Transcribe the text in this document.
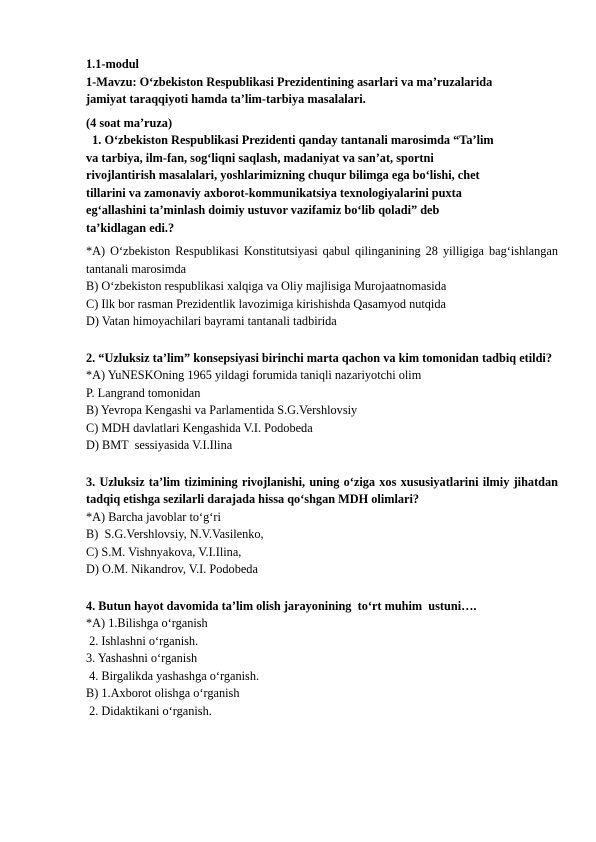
1.1-modul
1-Mavzu: O‘zbekiston Respublikasi Prezidentining asarlari va ma’ruzalarida
jamiyat taraqqiyoti hamda ta’lim-tarbiya masalalari.
(4 soat ma’ruza)
1. O‘zbekiston Respublikasi Prezidenti qanday tantanali marosimda “Ta’lim
va tarbiya, ilm-fan, sog‘liqni saqlash, madaniyat va san’at, sportni
rivojlantirish masalalari, yoshlarimizning chuqur bilimga ega bo‘lishi, chet
tillarini va zamonaviy axborot-kommunikatsiya texnologiyalarini puxta
eg‘allashini ta’minlash doimiy ustuvor vazifamiz bo‘lib qoladi” deb
ta’kidlagan edi.?
*A) O‘zbekiston Respublikasi Konstitutsiyasi qabul qilinganining 28 yilligiga bag‘ishlangan tantanali marosimda
B) O‘zbekiston respublikasi xalqiga va Oliy majlisiga Murojaatnomasida
C) Ilk bor rasman Prezidentlik lavozimiga kirishishda Qasamyod nutqida
D) Vatan himoyachilari bayrami tantanali tadbirida
2. “Uzluksiz ta’lim” konsepsiyasi birinchi marta qachon va kim tomonidan tadbiq etildi?
*A) YuNESKOning 1965 yildagi forumida taniqli nazariyotchi olim
P. Langrand tomonidan
B) Yevropa Kengashi va Parlamentida S.G.Vershlovsiy
C) MDH davlatlari Kengashida V.I. Podobeda
D) BMT  sessiyasida V.I.Ilina
3. Uzluksiz ta’lim tizimining rivojlanishi, uning o‘ziga xos xususiyatlarini ilmiy jihatdan tadqiq etishga sezilarli darajada hissa qo‘shgan MDH olimlari?
*A) Barcha javoblar to‘g‘ri
B)  S.G.Vershlovsiy, N.V.Vasilenko,
C) S.M. Vishnyakova, V.I.Ilina,
D) O.M. Nikandrov, V.I. Podobeda
4. Butun hayot davomida ta’lim olish jarayonining  to‘rt muhim  ustuni….
*A) 1.Bilishga o‘rganish
2. Ishlashni o‘rganish.
3. Yashashni o‘rganish
4. Birgalikda yashashga o‘rganish.
B) 1.Axborot olishga o‘rganish
2. Didaktikani o‘rganish.
